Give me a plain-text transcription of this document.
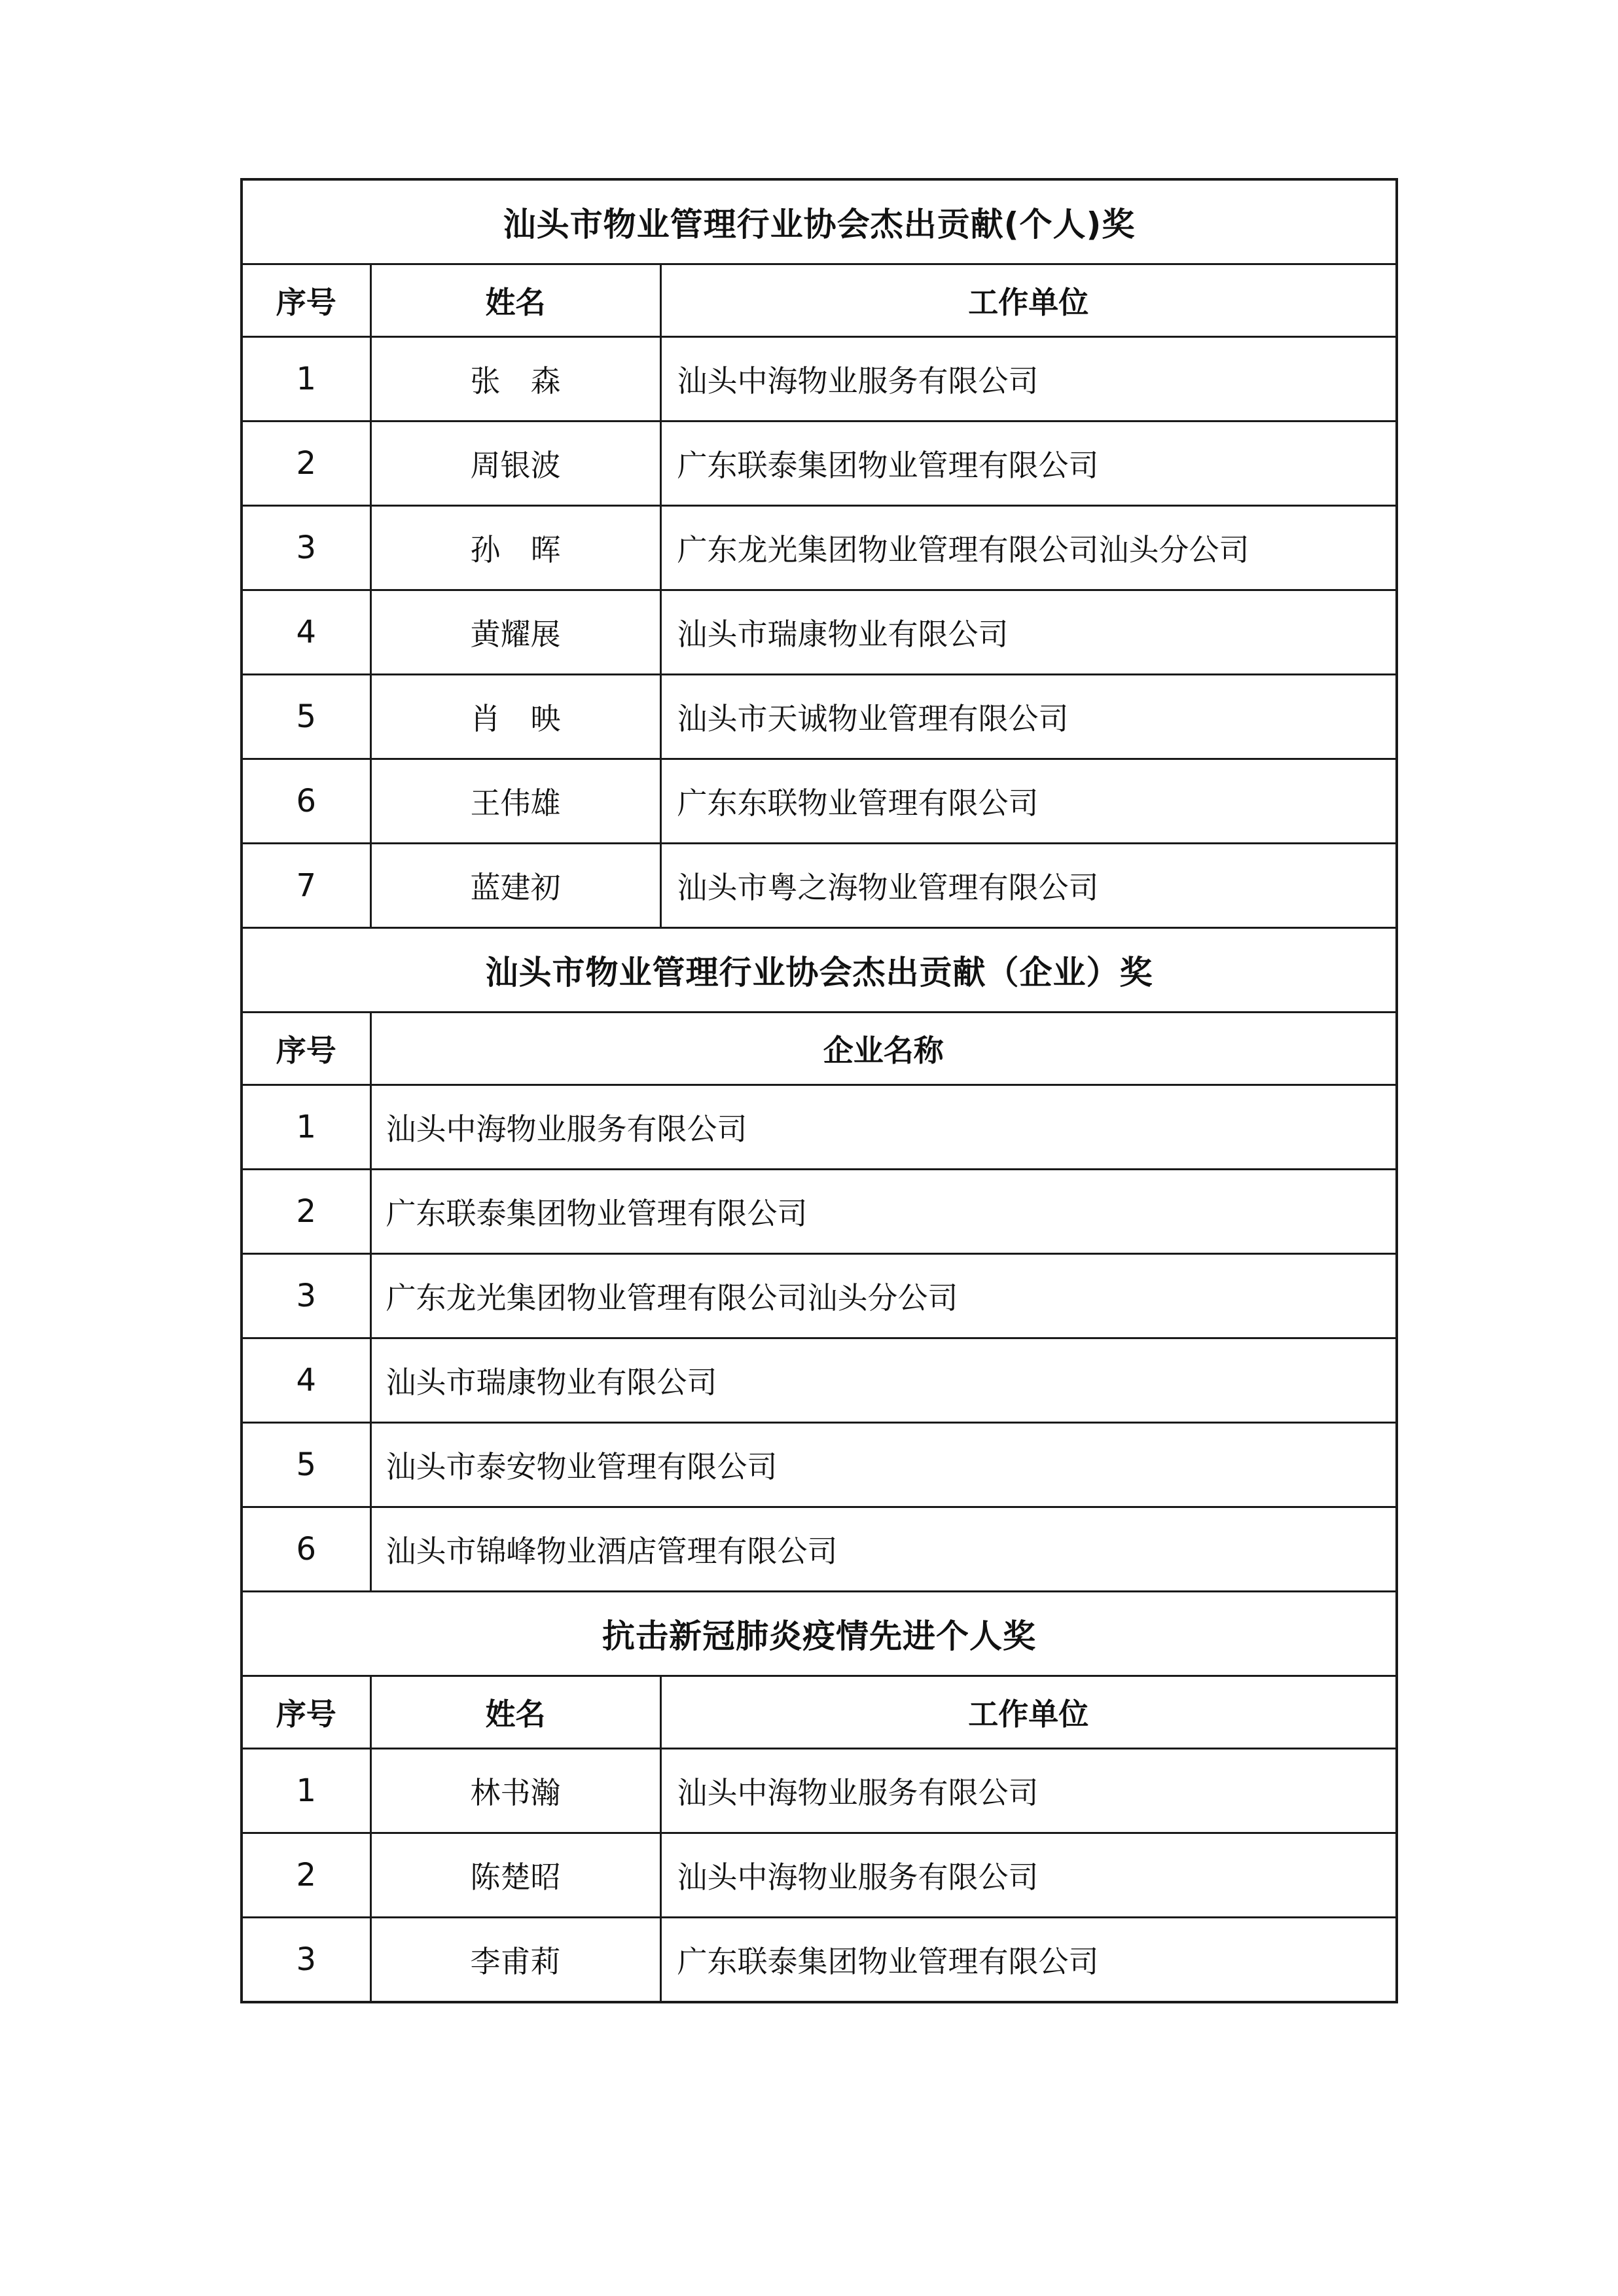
汕头市物业管理行业协会杰出贡献(个人)奖		
序号	姓名	工作单位
1	张　森	汕头中海物业服务有限公司
2	周银波	广东联泰集团物业管理有限公司
3	孙　晖	广东龙光集团物业管理有限公司汕头分公司
4	黄耀展	汕头市瑞康物业有限公司
5	肖　映	汕头市天诚物业管理有限公司
6	王伟雄	广东东联物业管理有限公司
7	蓝建初	汕头市粤之海物业管理有限公司
汕头市物业管理行业协会杰出贡献（企业）奖		
序号	企业名称	
1	汕头中海物业服务有限公司	
2	广东联泰集团物业管理有限公司	
3	广东龙光集团物业管理有限公司汕头分公司	
4	汕头市瑞康物业有限公司	
5	汕头市泰安物业管理有限公司	
6	汕头市锦峰物业酒店管理有限公司	
抗击新冠肺炎疫情先进个人奖		
序号	姓名	工作单位
1	林书瀚	汕头中海物业服务有限公司
2	陈楚昭	汕头中海物业服务有限公司
3	李甫莉	广东联泰集团物业管理有限公司
